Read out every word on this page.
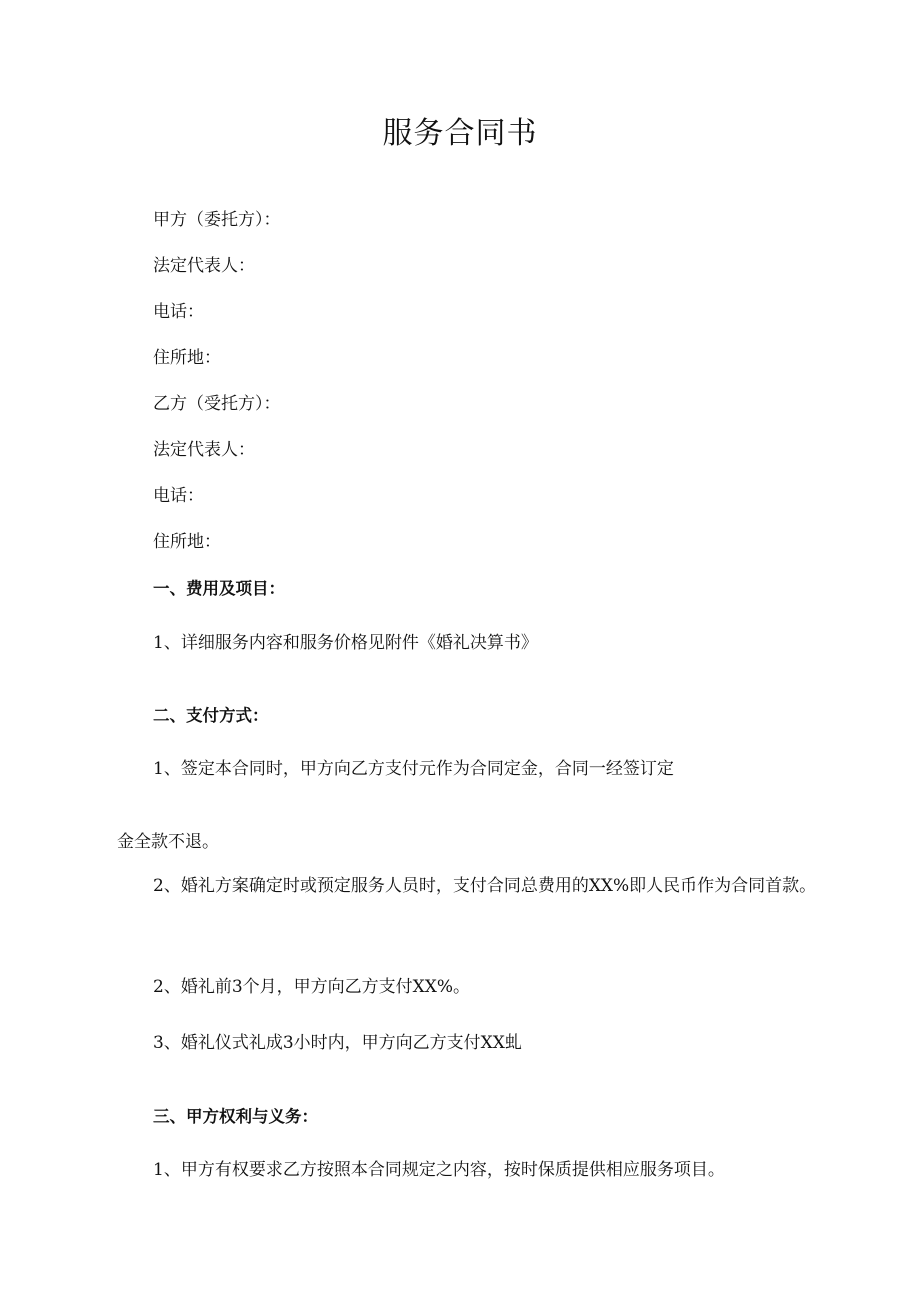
服务合同书
甲方（委托方）：
法定代表人：
电话：
住所地：
乙方（受托方）：
法定代表人：
电话：
住所地：
一、费用及项目：
1、详细服务内容和服务价格见附件《婚礼决算书》
二、支付方式：
1、签定本合同时，甲方向乙方支付元作为合同定金，合同一经签订定
金全款不退。
2、婚礼方案确定时或预定服务人员时，支付合同总费用的XX%即人民币作为合同首款。
2、婚礼前3个月，甲方向乙方支付XX%。
3、婚礼仪式礼成3小时内，甲方向乙方支付XX虬
三、甲方权利与义务：
1、甲方有权要求乙方按照本合同规定之内容，按时保质提供相应服务项目。
